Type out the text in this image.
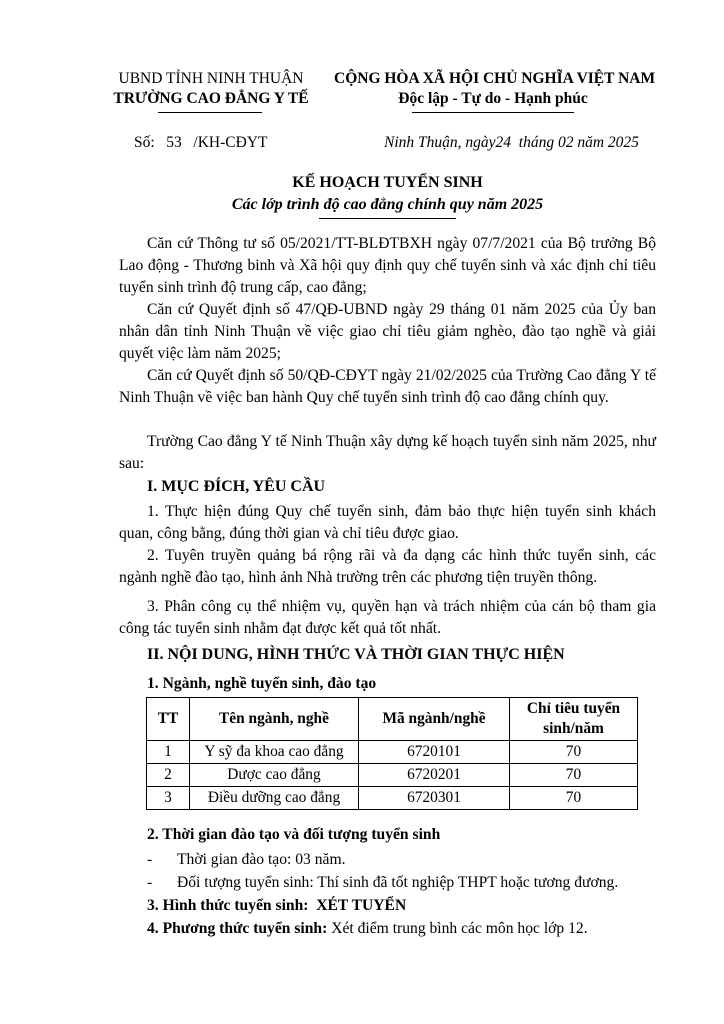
UBND TỈNH NINH THUẬN
TRƯỜNG CAO ĐẲNG Y TẾ
CỘNG HÒA XÃ HỘI CHỦ NGHĨA VIỆT NAM
Độc lập - Tự do - Hạnh phúc
Số:   53   /KH-CĐYT	Ninh Thuận, ngày24  tháng 02 năm 2025
KẾ HOẠCH TUYỂN SINH
Các lớp trình độ cao đẳng chính quy năm 2025
Căn cứ Thông tư số 05/2021/TT-BLĐTBXH ngày 07/7/2021 của Bộ trưởng Bộ Lao động - Thương binh và Xã hội quy định quy chế tuyển sinh và xác định chỉ tiêu tuyển sinh trình độ trung cấp, cao đẳng;
Căn cứ Quyết định số 47/QĐ-UBND ngày 29 tháng 01 năm 2025 của Ủy ban nhân dân tỉnh Ninh Thuận về việc giao chỉ tiêu giảm nghèo, đào tạo nghề và giải quyết việc làm năm 2025;
Căn cứ Quyết định số 50/QĐ-CĐYT ngày 21/02/2025 của Trường Cao đẳng Y tế Ninh Thuận về việc ban hành Quy chế tuyển sinh trình độ cao đẳng chính quy.
Trường Cao đẳng Y tế Ninh Thuận xây dựng kế hoạch tuyển sinh năm 2025, như sau:
I. MỤC ĐÍCH, YÊU CẦU
1. Thực hiện đúng Quy chế tuyển sinh, đảm bảo thực hiện tuyển sinh khách quan, công bằng, đúng thời gian và chỉ tiêu được giao.
2. Tuyên truyền quảng bá rộng rãi và đa dạng các hình thức tuyển sinh, các ngành nghề đào tạo, hình ảnh Nhà trường trên các phương tiện truyền thông.
3. Phân công cụ thể nhiệm vụ, quyền hạn và trách nhiệm của cán bộ tham gia công tác tuyển sinh nhằm đạt được kết quả tốt nhất.
II. NỘI DUNG, HÌNH THỨC VÀ THỜI GIAN THỰC HIỆN
1. Ngành, nghề tuyển sinh, đào tạo
TT	Tên ngành, nghề	Mã ngành/nghề	Chỉ tiêu tuyển sinh/năm
1	Y sỹ đa khoa cao đẳng	6720101	70
2	Dược cao đẳng	6720201	70
3	Điều dưỡng cao đẳng	6720301	70
2. Thời gian đào tạo và đối tượng tuyển sinh
- Thời gian đào tạo: 03 năm.
- Đối tượng tuyển sinh: Thí sinh đã tốt nghiệp THPT hoặc tương đương.
3. Hình thức tuyển sinh: XÉT TUYỂN
4. Phương thức tuyển sinh: Xét điểm trung bình các môn học lớp 12.
